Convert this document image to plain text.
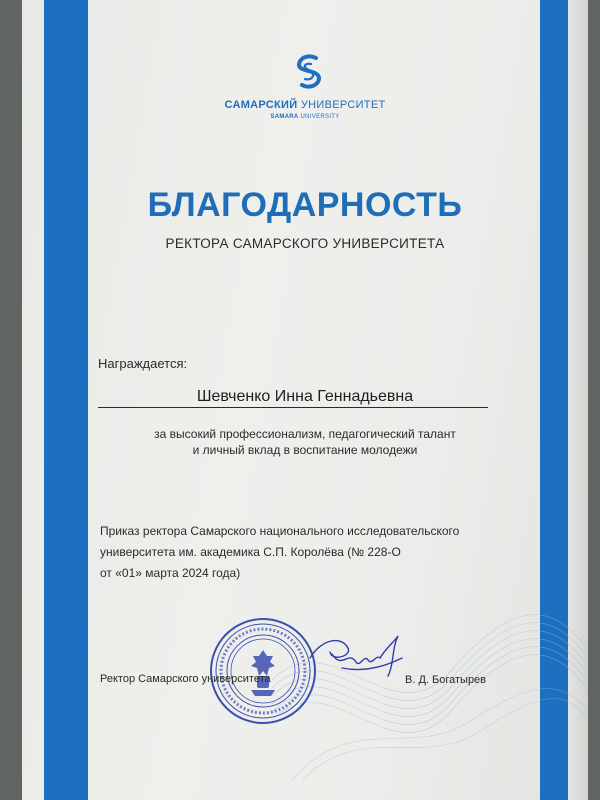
САМАРСКИЙ УНИВЕРСИТЕТ
SAMARA UNIVERSITY
БЛАГОДАРНОСТЬ
РЕКТОРА САМАРСКОГО УНИВЕРСИТЕТА
Награждается:
Шевченко Инна Геннадьевна
за высокий профессионализм, педагогический талант
и личный вклад в воспитание молодежи
Приказ ректора Самарского национального исследовательского
университета им. академика С.П. Королёва (№ 228-О
от «01» марта 2024 года)
Ректор Самарского университета	В. Д. Богатырев
